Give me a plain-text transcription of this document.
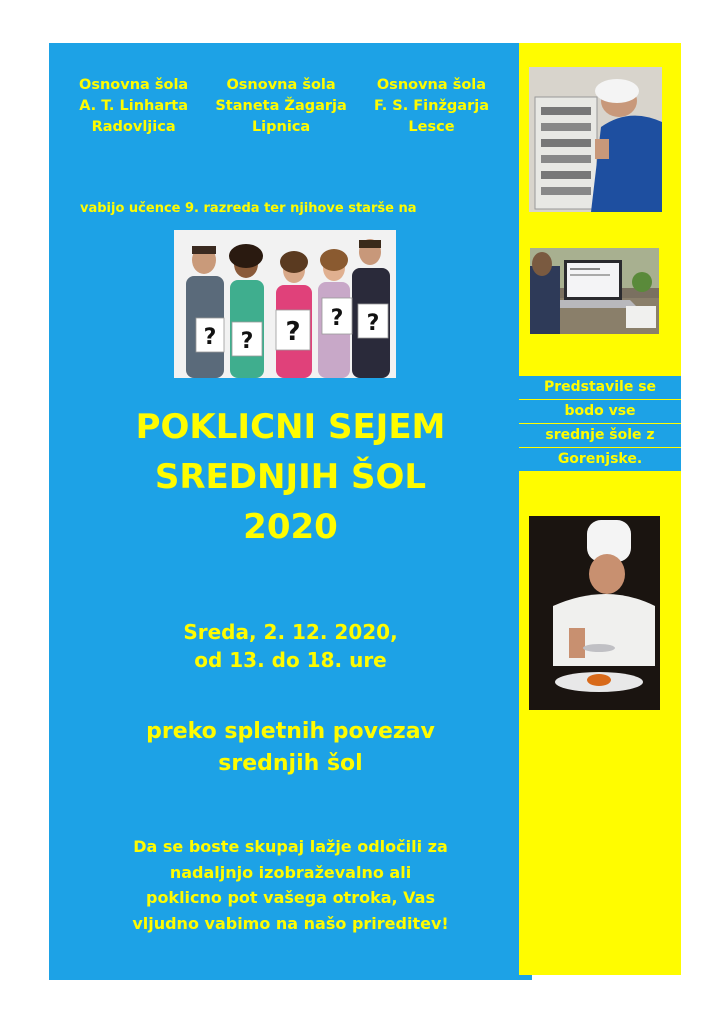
Osnovna šola
A. T. Linharta
Radovljica
Osnovna šola
Staneta Žagarja
Lipnica
Osnovna šola
F. S. Finžgarja
Lesce
vabijo učence 9. razreda ter njihove starše na
? ? ? ? ?
POKLICNI SEJEM
SREDNJIH ŠOL
2020
Sreda, 2. 12. 2020,
od 13. do 18. ure
preko spletnih povezav
srednjih šol
Da se boste skupaj lažje odločili za
nadaljnjo izobraževalno ali
poklicno pot vašega otroka, Vas
vljudno vabimo na našo prireditev!
Predstavile se
bodo vse
srednje šole z
Gorenjske.
